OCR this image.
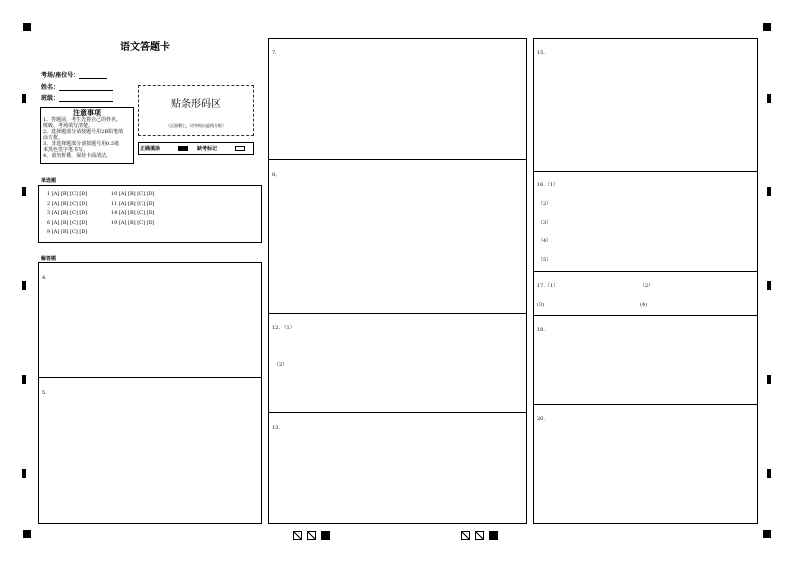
语文答题卡
考场/座位号：
姓名：
班级：
注意事项
1、答题前，考生先将自己的姓名、
班级、考场填写清楚。
2、选择题部分请按题号用2B铅笔填
涂方框。
3、非选择题部分请按题号用0.5毫
米黑色签字笔书写。
4、请勿折叠，保持卡面清洁。
贴条形码区
（正面朝上，切勿贴出虚线方框）
正确填涂	缺考标记
单选题
1 [A] [B] [C] [D]	10 [A] [B] [C] [D]
2 [A] [B] [C] [D]	11 [A] [B] [C] [D]
3 [A] [B] [C] [D]	14 [A] [B] [C] [D]
6 [A] [B] [C] [D]	19 [A] [B] [C] [D]
9 [A] [B] [C] [D]
解答题
4.
5.
7、
8、
12. （1）
（2）
13.
15.
16.（1）
（2）
（3）
（4）
（5）
17.（1）	（2）
(3)	(4)
18.
20.
